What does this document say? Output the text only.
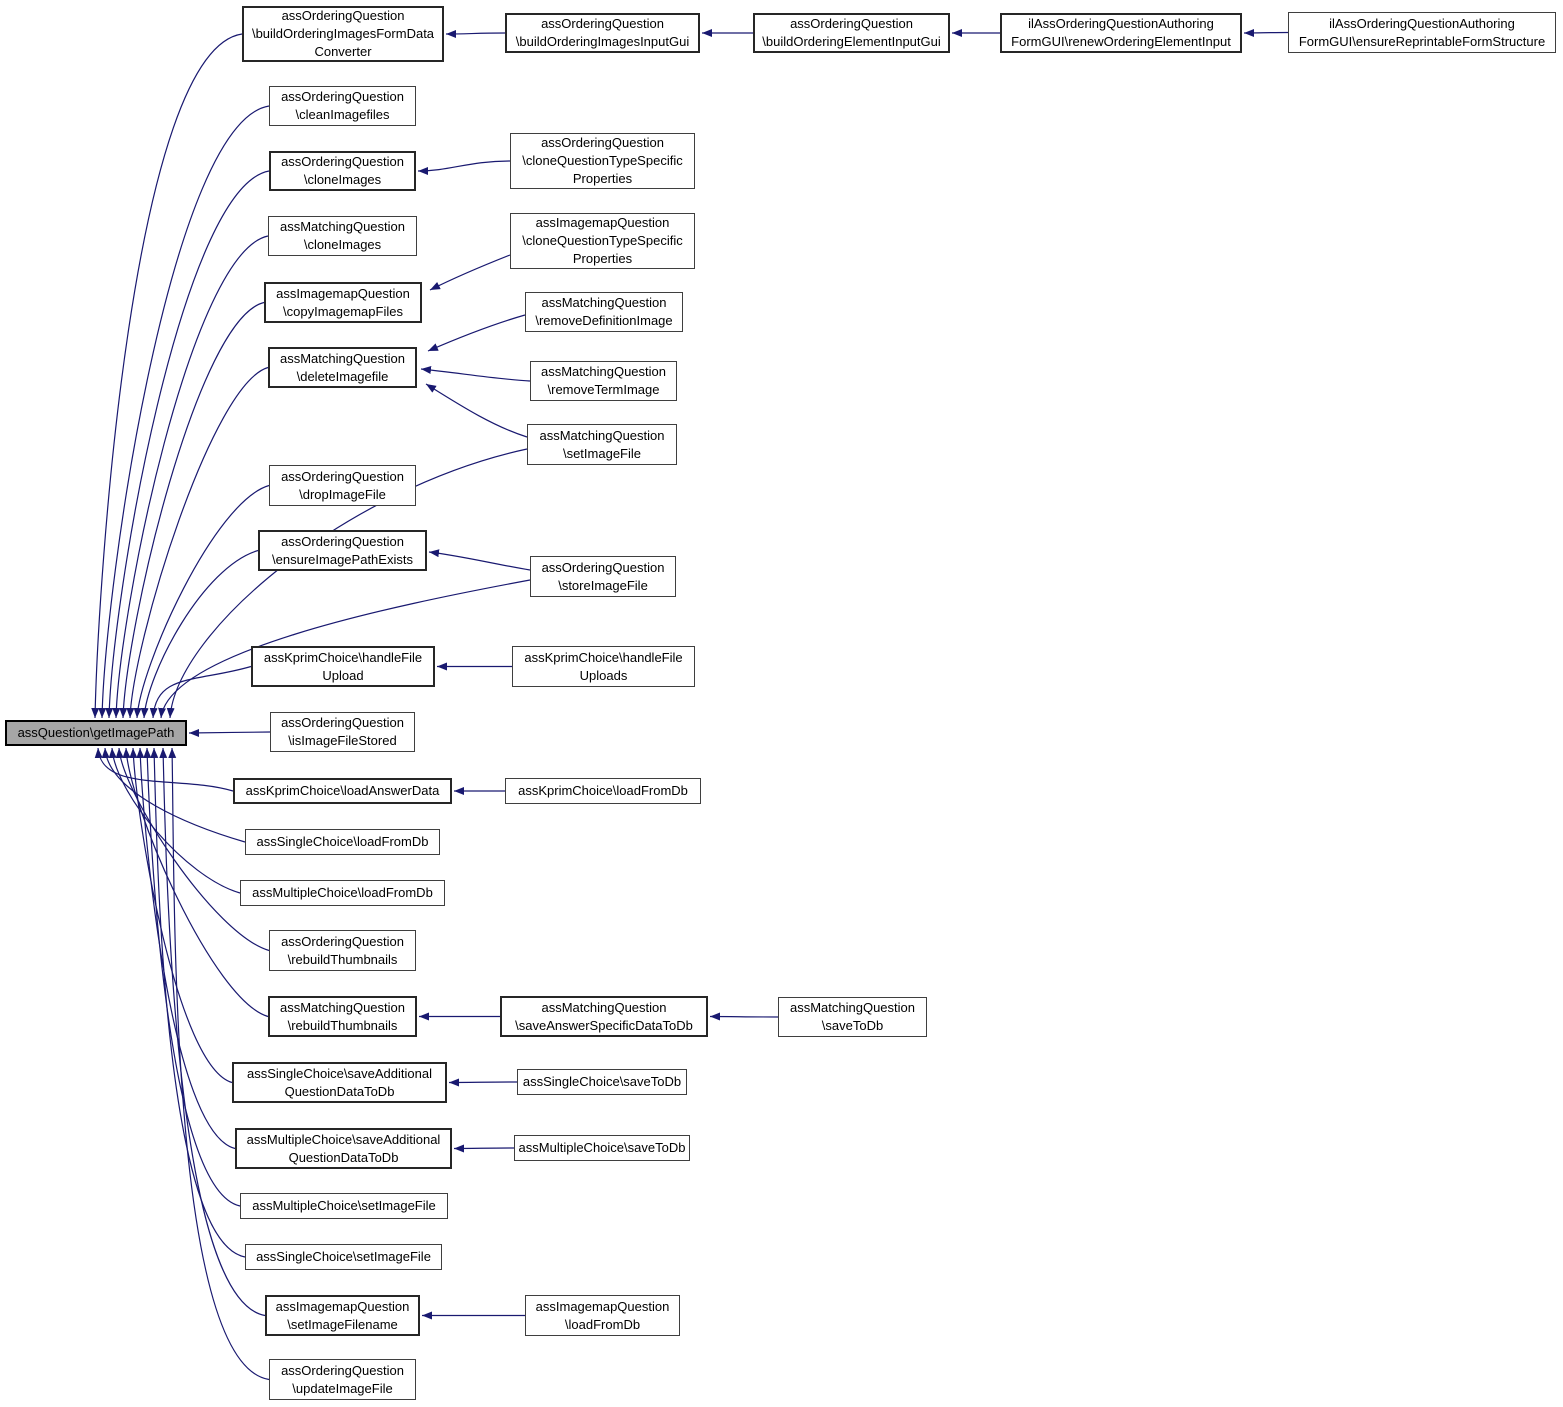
assQuestion\getImagePath
assOrderingQuestion
\buildOrderingImagesFormData
Converter
assOrderingQuestion
\cleanImagefiles
assOrderingQuestion
\cloneImages
assMatchingQuestion
\cloneImages
assImagemapQuestion
\copyImagemapFiles
assMatchingQuestion
\deleteImagefile
assOrderingQuestion
\dropImageFile
assOrderingQuestion
\ensureImagePathExists
assKprimChoice\handleFile
Upload
assOrderingQuestion
\isImageFileStored
assKprimChoice\loadAnswerData
assSingleChoice\loadFromDb
assMultipleChoice\loadFromDb
assOrderingQuestion
\rebuildThumbnails
assMatchingQuestion
\rebuildThumbnails
assSingleChoice\saveAdditional
QuestionDataToDb
assMultipleChoice\saveAdditional
QuestionDataToDb
assMultipleChoice\setImageFile
assSingleChoice\setImageFile
assImagemapQuestion
\setImageFilename
assOrderingQuestion
\updateImageFile
assOrderingQuestion
\buildOrderingImagesInputGui
assOrderingQuestion
\cloneQuestionTypeSpecific
Properties
assImagemapQuestion
\cloneQuestionTypeSpecific
Properties
assMatchingQuestion
\removeDefinitionImage
assMatchingQuestion
\removeTermImage
assMatchingQuestion
\setImageFile
assOrderingQuestion
\storeImageFile
assKprimChoice\handleFile
Uploads
assKprimChoice\loadFromDb
assMatchingQuestion
\saveAnswerSpecificDataToDb
assSingleChoice\saveToDb
assMultipleChoice\saveToDb
assImagemapQuestion
\loadFromDb
assOrderingQuestion
\buildOrderingElementInputGui
assMatchingQuestion
\saveToDb
ilAssOrderingQuestionAuthoring
FormGUI\renewOrderingElementInput
ilAssOrderingQuestionAuthoring
FormGUI\ensureReprintableFormStructure
